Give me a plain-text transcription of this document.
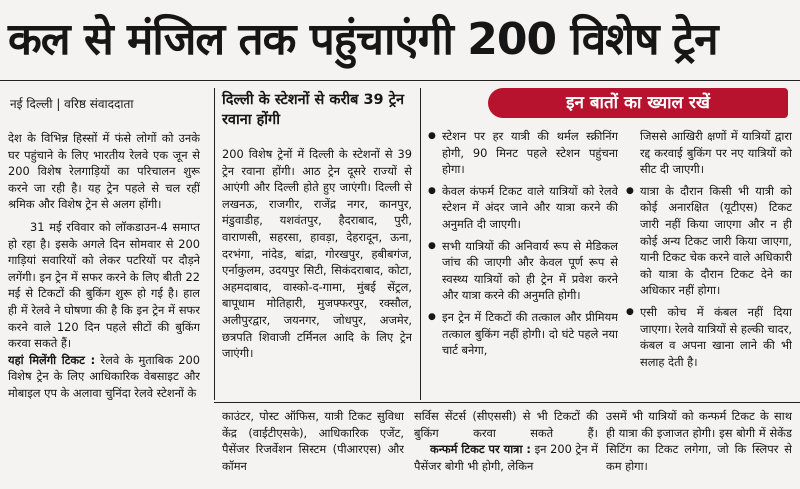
कल से मंजिल तक पहुंचाएंगी 200 विशेष ट्रेन
नई दिल्ली | वरिष्ठ संवाददाता

देश के विभिन्न हिस्सों में फंसे लोगों को उनके घर पहुंचाने के लिए भारतीय रेलवे एक जून से 200 विशेष रेलगाड़ियों का परिचालन शुरू करने जा रही है। यह ट्रेन पहले से चल रहीं श्रमिक और विशेष ट्रेन से अलग होंगी।

31 मई रविवार को लॉकडाउन-4 समाप्त हो रहा है। इसके अगले दिन सोमवार से 200 गाड़ियां सवारियों को लेकर पटरियों पर दौड़ने लगेंगी। इन ट्रेन में सफर करने के लिए बीती 22 मई से टिकटों की बुकिंग शुरू हो गई है। हाल ही में रेलवे ने घोषणा की है कि इन ट्रेन में सफर करने वाले 120 दिन पहले सीटों की बुकिंग करवा सकते हैं।

यहां मिलेंगी टिकट : रेलवे के मुताबिक 200 विशेष ट्रेन के लिए आधिकारिक वेबसाइट और मोबाइल एप के अलावा चुनिंदा रेलवे स्टेशनों के

दिल्ली के स्टेशनों से करीब 39 ट्रेन रवाना होंगी
200 विशेष ट्रेनों में दिल्ली के स्टेशनों से 39 ट्रेन रवाना होंगी। आठ ट्रेन दूसरे राज्यों से आएंगी और दिल्ली होते हुए जाएंगी। दिल्ली से लखनऊ, राजगीर, राजेंद्र नगर, कानपुर, मंडुवाडीह, यशवंतपुर, हैदराबाद, पुरी, वाराणसी, सहरसा, हावड़ा, देहरादून, ऊना, दरभंगा, नांदेड, बांद्रा, गोरखपुर, हबीबगंज, एर्नाकुलम, उदयपुर सिटी, सिकंदराबाद, कोटा, अहमदाबाद, वास्को-द-गामा, मुंबई सेंट्रल, बापूधाम मोतिहारी, मुजफ्फरपुर, रक्सौल, अलीपुरद्वार, जयनगर, जोधपुर, अजमेर, छत्रपति शिवाजी टर्मिनल आदि के लिए ट्रेन जाएंगी।
इन बातों का ख्याल रखें
● स्टेशन पर हर यात्री की थर्मल स्क्रीनिंग होगी, 90 मिनट पहले स्टेशन पहुंचना होगा।
● केवल कंफर्म टिकट वाले यात्रियों को रेलवे स्टेशन में अंदर जाने और यात्रा करने की अनुमति दी जाएगी।
● सभी यात्रियों की अनिवार्य रूप से मेडिकल जांच की जाएगी और केवल पूर्ण रूप से स्वस्थ्य यात्रियों को ही ट्रेन में प्रवेश करने और यात्रा करने की अनुमति होगी।
● इन ट्रेन में टिकटों की तत्काल और प्रीमियम तत्काल बुकिंग नहीं होगी। दो घंटे पहले नया चार्ट बनेगा,
जिससे आखिरी क्षणों में यात्रियों द्वारा रद्द करवाई बुकिंग पर नए यात्रियों को सीट दी जाएगी।
● यात्रा के दौरान किसी भी यात्री को कोई अनारक्षित (यूटीएस) टिकट जारी नहीं किया जाएगा और न ही कोई अन्य टिकट जारी किया जाएगा, यानी टिकट चेक करने वाले अधिकारी को यात्रा के दौरान टिकट देने का अधिकार नहीं होगा।
● एसी कोच में कंबल नहीं दिया जाएगा। रेलवे यात्रियों से हल्की चादर, कंबल व अपना खाना लाने की भी सलाह देती है।
काउंटर, पोस्ट ऑफिस, यात्री टिकट सुविधा केंद्र (वाईटीएसके), आधिकारिक एजेंट, पैसेंजर रिजर्वेशन सिस्टम (पीआरएस) और कॉमन
सर्विस सेंटर्स (सीएससी) से भी टिकटों की बुकिंग करवा सकते हैं। कन्फर्म टिकट पर यात्रा : इन 200 ट्रेन में पैसेंजर बोगी भी होगी, लेकिन
उसमें भी यात्रियों को कन्फर्म टिकट के साथ ही यात्रा की इजाजत होगी। इस बोगी में सेकेंड सिटिंग का टिकट लगेगा, जो कि स्लिपर से कम होगा।
